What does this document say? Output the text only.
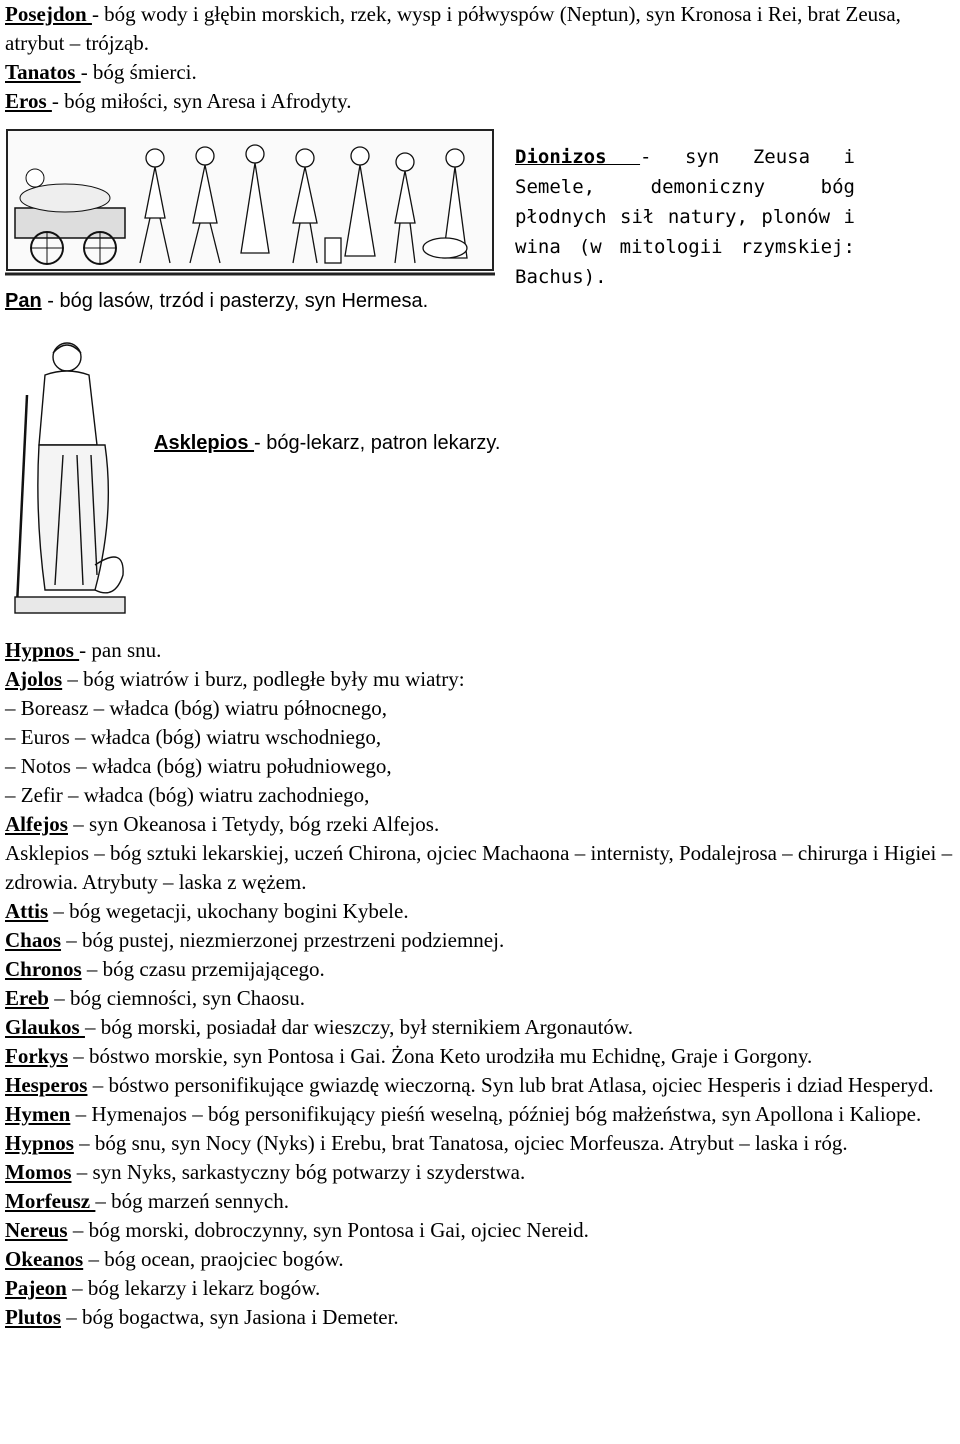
Posejdon - bóg wody i głębin morskich, rzek, wysp i półwyspów (Neptun), syn Kronosa i Rei, brat Zeusa, atrybut – trójząb.
Tanatos - bóg śmierci.
Eros - bóg miłości, syn Aresa i Afrodyty.
Dionizos - syn Zeusa i Semele, demoniczny bóg płodnych sił natury, plonów i wina (w mitologii rzymskiej: Bachus).
Pan - bóg lasów, trzód i pasterzy, syn Hermesa.
Asklepios - bóg-lekarz, patron lekarzy.

Hypnos - pan snu.

Ajolos – bóg wiatrów i burz, podległe były mu wiatry:

– Boreasz – władca (bóg) wiatru północnego,

– Euros – władca (bóg) wiatru wschodniego,

– Notos – władca (bóg) wiatru południowego,

– Zefir – władca (bóg) wiatru zachodniego,

Alfejos – syn Okeanosa i Tetydy, bóg rzeki Alfejos.

Asklepios – bóg sztuki lekarskiej, uczeń Chirona, ojciec Machaona – internisty, Podalejrosa – chirurga i Higiei – zdrowia. Atrybuty – laska z wężem.

Attis – bóg wegetacji, ukochany bogini Kybele.

Chaos – bóg pustej, niezmierzonej przestrzeni podziemnej.

Chronos – bóg czasu przemijającego.

Ereb – bóg ciemności, syn Chaosu.

Glaukos – bóg morski, posiadał dar wieszczy, był sternikiem Argonautów.

Forkys – bóstwo morskie, syn Pontosa i Gai. Żona Keto urodziła mu Echidnę, Graje i Gorgony.

Hesperos – bóstwo personifikujące gwiazdę wieczorną. Syn lub brat Atlasa, ojciec Hesperis i dziad Hesperyd.

Hymen – Hymenajos – bóg personifikujący pieśń weselną, później bóg małżeństwa, syn Apollona i Kaliope.

Hypnos – bóg snu, syn Nocy (Nyks) i Erebu, brat Tanatosa, ojciec Morfeusza. Atrybut – laska i róg.

Momos – syn Nyks, sarkastyczny bóg potwarzy i szyderstwa.

Morfeusz – bóg marzeń sennych.

Nereus – bóg morski, dobroczynny, syn Pontosa i Gai, ojciec Nereid.

Okeanos – bóg ocean, praojciec bogów.

Pajeon – bóg lekarzy i lekarz bogów.

Plutos – bóg bogactwa, syn Jasiona i Demeter.
